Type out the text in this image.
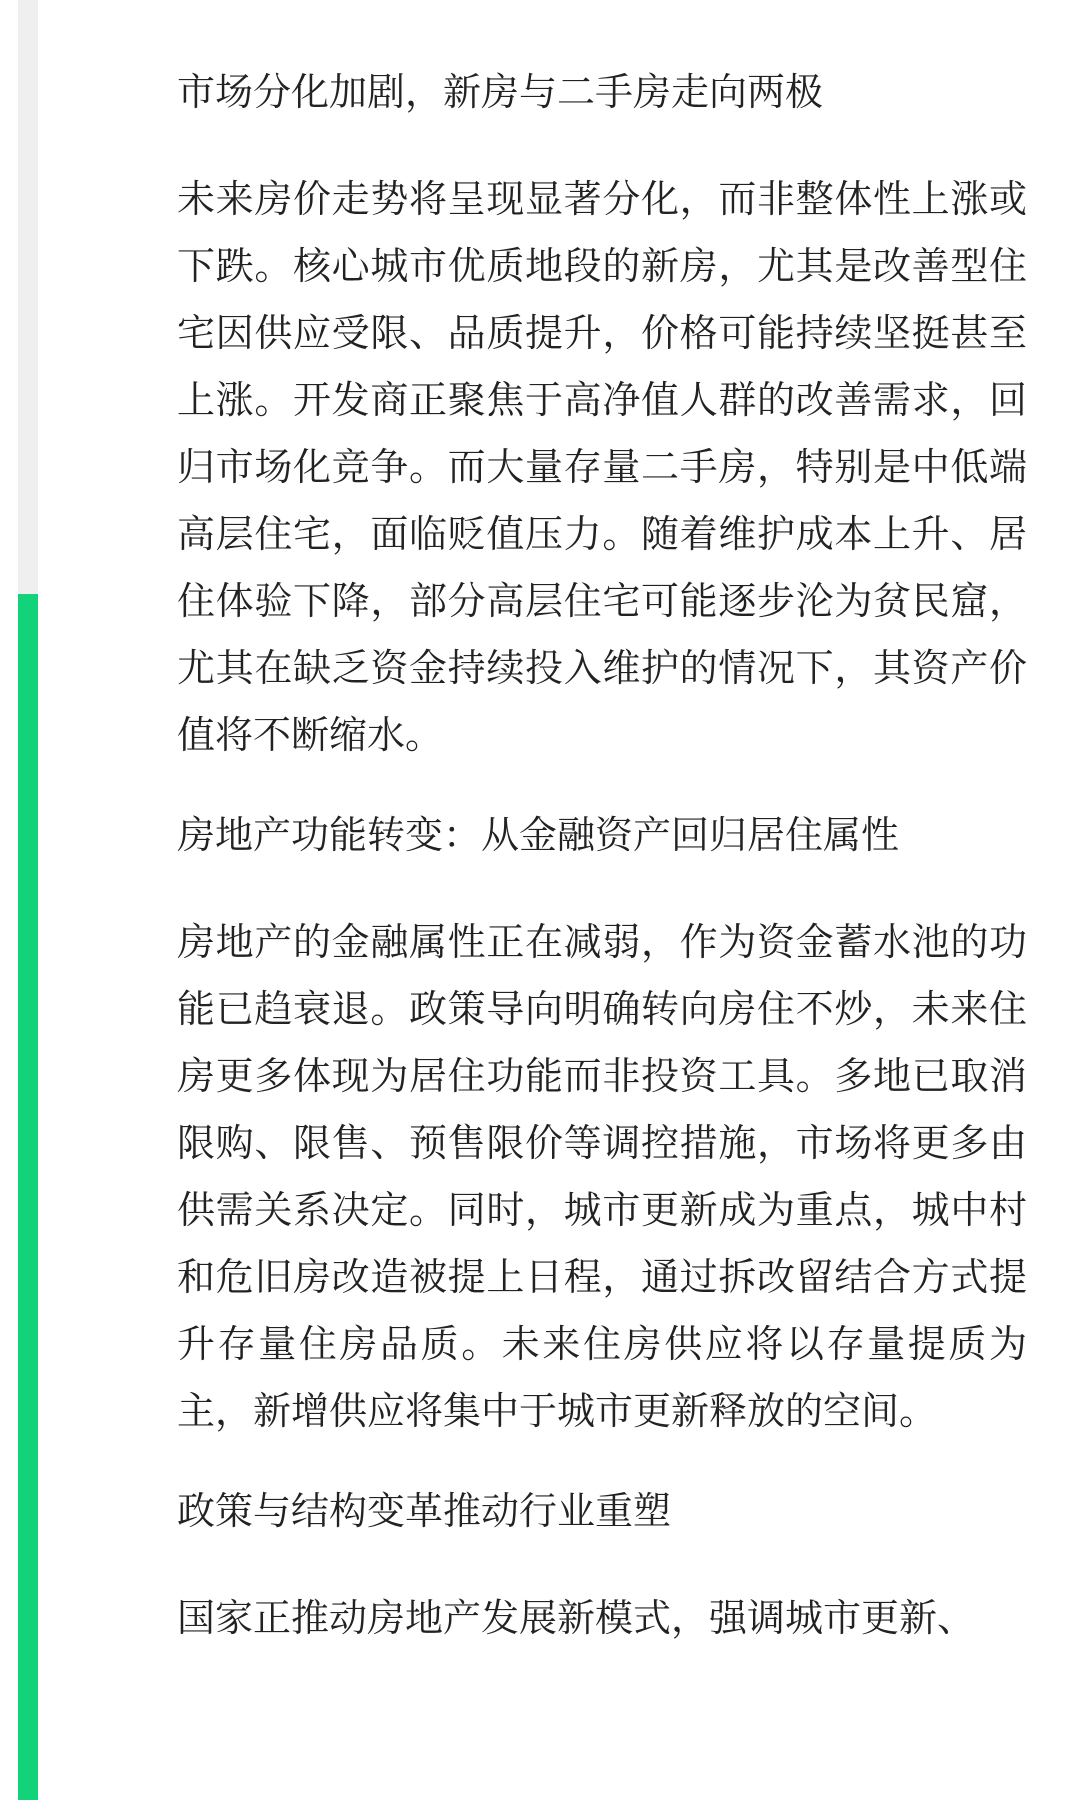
市场分化加剧，新房与二手房走向两极

未来房价走势将呈现显著分化，而非整体性上涨或下跌。核心城市优质地段的新房，尤其是改善型住宅因供应受限、品质提升，价格可能持续坚挺甚至上涨。开发商正聚焦于高净值人群的改善需求，回归市场化竞争。而大量存量二手房，特别是中低端高层住宅，面临贬值压力。随着维护成本上升、居住体验下降，部分高层住宅可能逐步沦为贫民窟，尤其在缺乏资金持续投入维护的情况下，其资产价值将不断缩水。

房地产功能转变：从金融资产回归居住属性

房地产的金融属性正在减弱，作为资金蓄水池的功能已趋衰退。政策导向明确转向房住不炒，未来住房更多体现为居住功能而非投资工具。多地已取消限购、限售、预售限价等调控措施，市场将更多由供需关系决定。同时，城市更新成为重点，城中村和危旧房改造被提上日程，通过拆改留结合方式提升存量住房品质。未来住房供应将以存量提质为主，新增供应将集中于城市更新释放的空间。

政策与结构变革推动行业重塑

国家正推动房地产发展新模式，强调城市更新、
